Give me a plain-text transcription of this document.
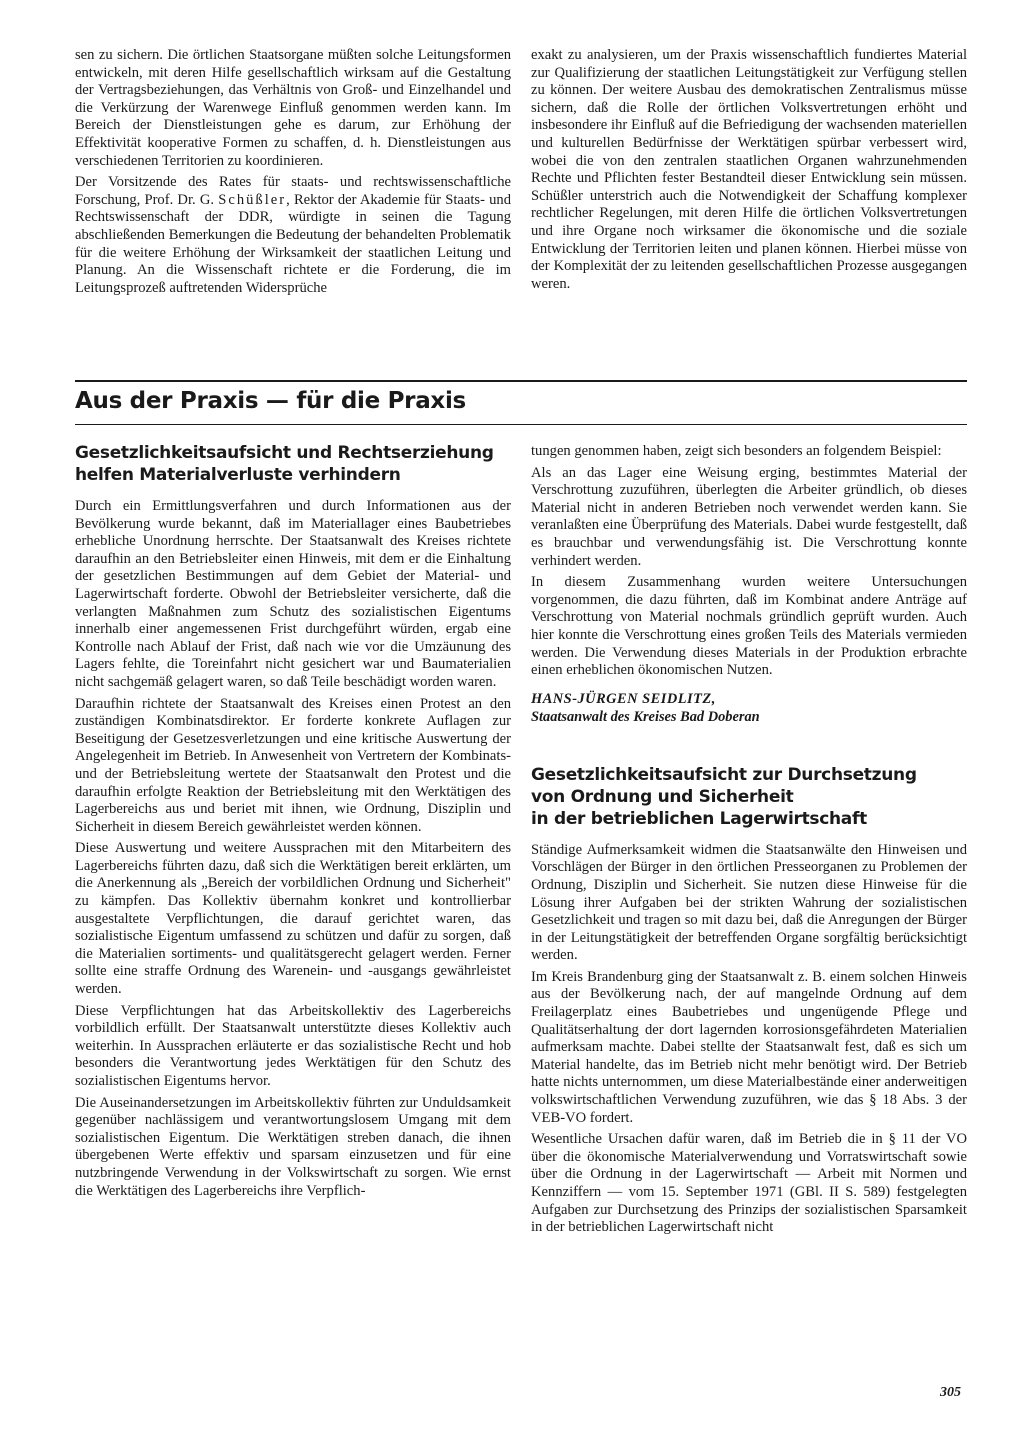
sen zu sichern. Die örtlichen Staatsorgane müßten solche Leitungsformen entwickeln, mit deren Hilfe gesellschaftlich wirksam auf die Gestaltung der Vertragsbeziehungen, das Verhältnis von Groß- und Einzelhandel und die Verkürzung der Warenwege Einfluß genommen werden kann. Im Bereich der Dienstleistungen gehe es darum, zur Erhöhung der Effektivität kooperative Formen zu schaffen, d. h. Dienstleistungen aus verschiedenen Territorien zu koordinieren.

Der Vorsitzende des Rates für staats- und rechtswissenschaftliche Forschung, Prof. Dr. G. Schüßler, Rektor der Akademie für Staats- und Rechtswissenschaft der DDR, würdigte in seinen die Tagung abschließenden Bemerkungen die Bedeutung der behandelten Problematik für die weitere Erhöhung der Wirksamkeit der staatlichen Leitung und Planung. An die Wissenschaft richtete er die Forderung, die im Leitungsprozeß auftretenden Widersprüche

exakt zu analysieren, um der Praxis wissenschaftlich fundiertes Material zur Qualifizierung der staatlichen Leitungstätigkeit zur Verfügung stellen zu können. Der weitere Ausbau des demokratischen Zentralismus müsse sichern, daß die Rolle der örtlichen Volksvertretungen erhöht und insbesondere ihr Einfluß auf die Befriedigung der wachsenden materiellen und kulturellen Bedürfnisse der Werktätigen spürbar verbessert wird, wobei die von den zentralen staatlichen Organen wahrzunehmenden Rechte und Pflichten fester Bestandteil dieser Entwicklung sein müssen. Schüßler unterstrich auch die Notwendigkeit der Schaffung komplexer rechtlicher Regelungen, mit deren Hilfe die örtlichen Volksvertretungen und ihre Organe noch wirksamer die ökonomische und die soziale Entwicklung der Territorien leiten und planen können. Hierbei müsse von der Komplexität der zu leitenden gesellschaftlichen Prozesse ausgegangen weren.

Aus der Praxis — für die Praxis
Gesetzlichkeitsaufsicht und Rechtserziehung
helfen Materialverluste verhindern

Durch ein Ermittlungsverfahren und durch Informationen aus der Bevölkerung wurde bekannt, daß im Materiallager eines Baubetriebes erhebliche Unordnung herrschte. Der Staatsanwalt des Kreises richtete daraufhin an den Betriebsleiter einen Hinweis, mit dem er die Einhaltung der gesetzlichen Bestimmungen auf dem Gebiet der Material- und Lagerwirtschaft forderte. Obwohl der Betriebsleiter versicherte, daß die verlangten Maßnahmen zum Schutz des sozialistischen Eigentums innerhalb einer angemessenen Frist durchgeführt würden, ergab eine Kontrolle nach Ablauf der Frist, daß nach wie vor die Umzäunung des Lagers fehlte, die Toreinfahrt nicht gesichert war und Baumaterialien nicht sachgemäß gelagert waren, so daß Teile beschädigt worden waren.

Daraufhin richtete der Staatsanwalt des Kreises einen Protest an den zuständigen Kombinatsdirektor. Er forderte konkrete Auflagen zur Beseitigung der Gesetzesverletzungen und eine kritische Auswertung der Angelegenheit im Betrieb. In Anwesenheit von Vertretern der Kombinats- und der Betriebsleitung wertete der Staatsanwalt den Protest und die daraufhin erfolgte Reaktion der Betriebsleitung mit den Werktätigen des Lagerbereichs aus und beriet mit ihnen, wie Ordnung, Disziplin und Sicherheit in diesem Bereich gewährleistet werden können.

Diese Auswertung und weitere Aussprachen mit den Mitarbeitern des Lagerbereichs führten dazu, daß sich die Werktätigen bereit erklärten, um die Anerkennung als „Bereich der vorbildlichen Ordnung und Sicherheit" zu kämpfen. Das Kollektiv übernahm konkret und kontrollierbar ausgestaltete Verpflichtungen, die darauf gerichtet waren, das sozialistische Eigentum umfassend zu schützen und dafür zu sorgen, daß die Materialien sortiments- und qualitätsgerecht gelagert werden. Ferner sollte eine straffe Ordnung des Warenein- und -ausgangs gewährleistet werden.

Diese Verpflichtungen hat das Arbeitskollektiv des Lagerbereichs vorbildlich erfüllt. Der Staatsanwalt unterstützte dieses Kollektiv auch weiterhin. In Aussprachen erläuterte er das sozialistische Recht und hob besonders die Verantwortung jedes Werktätigen für den Schutz des sozialistischen Eigentums hervor.

Die Auseinandersetzungen im Arbeitskollektiv führten zur Unduldsamkeit gegenüber nachlässigem und verantwortungslosem Umgang mit dem sozialistischen Eigentum. Die Werktätigen streben danach, die ihnen übergebenen Werte effektiv und sparsam einzusetzen und für eine nutzbringende Verwendung in der Volkswirtschaft zu sorgen. Wie ernst die Werktätigen des Lagerbereichs ihre Verpflich-

tungen genommen haben, zeigt sich besonders an folgendem Beispiel:

Als an das Lager eine Weisung erging, bestimmtes Material der Verschrottung zuzuführen, überlegten die Arbeiter gründlich, ob dieses Material nicht in anderen Betrieben noch verwendet werden kann. Sie veranlaßten eine Überprüfung des Materials. Dabei wurde festgestellt, daß es brauchbar und verwendungsfähig ist. Die Verschrottung konnte verhindert werden.

In diesem Zusammenhang wurden weitere Untersuchungen vorgenommen, die dazu führten, daß im Kombinat andere Anträge auf Verschrottung von Material nochmals gründlich geprüft wurden. Auch hier konnte die Verschrottung eines großen Teils des Materials vermieden werden. Die Verwendung dieses Materials in der Produktion erbrachte einen erheblichen ökonomischen Nutzen.

HANS-JÜRGEN SEIDLITZ,

Staatsanwalt des Kreises Bad Doberan

Gesetzlichkeitsaufsicht zur Durchsetzung
von Ordnung und Sicherheit
in der betrieblichen Lagerwirtschaft

Ständige Aufmerksamkeit widmen die Staatsanwälte den Hinweisen und Vorschlägen der Bürger in den örtlichen Presseorganen zu Problemen der Ordnung, Disziplin und Sicherheit. Sie nutzen diese Hinweise für die Lösung ihrer Aufgaben bei der strikten Wahrung der sozialistischen Gesetzlichkeit und tragen so mit dazu bei, daß die Anregungen der Bürger in der Leitungstätigkeit der betreffenden Organe sorgfältig berücksichtigt werden.

Im Kreis Brandenburg ging der Staatsanwalt z. B. einem solchen Hinweis aus der Bevölkerung nach, der auf mangelnde Ordnung auf dem Freilagerplatz eines Baubetriebes und ungenügende Pflege und Qualitätserhaltung der dort lagernden korrosionsgefährdeten Materialien aufmerksam machte. Dabei stellte der Staatsanwalt fest, daß es sich um Material handelte, das im Betrieb nicht mehr benötigt wird. Der Betrieb hatte nichts unternommen, um diese Materialbestände einer anderweitigen volkswirtschaftlichen Verwendung zuzuführen, wie das § 18 Abs. 3 der VEB-VO fordert.

Wesentliche Ursachen dafür waren, daß im Betrieb die in § 11 der VO über die ökonomische Materialverwendung und Vorratswirtschaft sowie über die Ordnung in der Lagerwirtschaft — Arbeit mit Normen und Kennziffern — vom 15. September 1971 (GBl. II S. 589) festgelegten Aufgaben zur Durchsetzung des Prinzips der sozialistischen Sparsamkeit in der betrieblichen Lagerwirtschaft nicht

305
